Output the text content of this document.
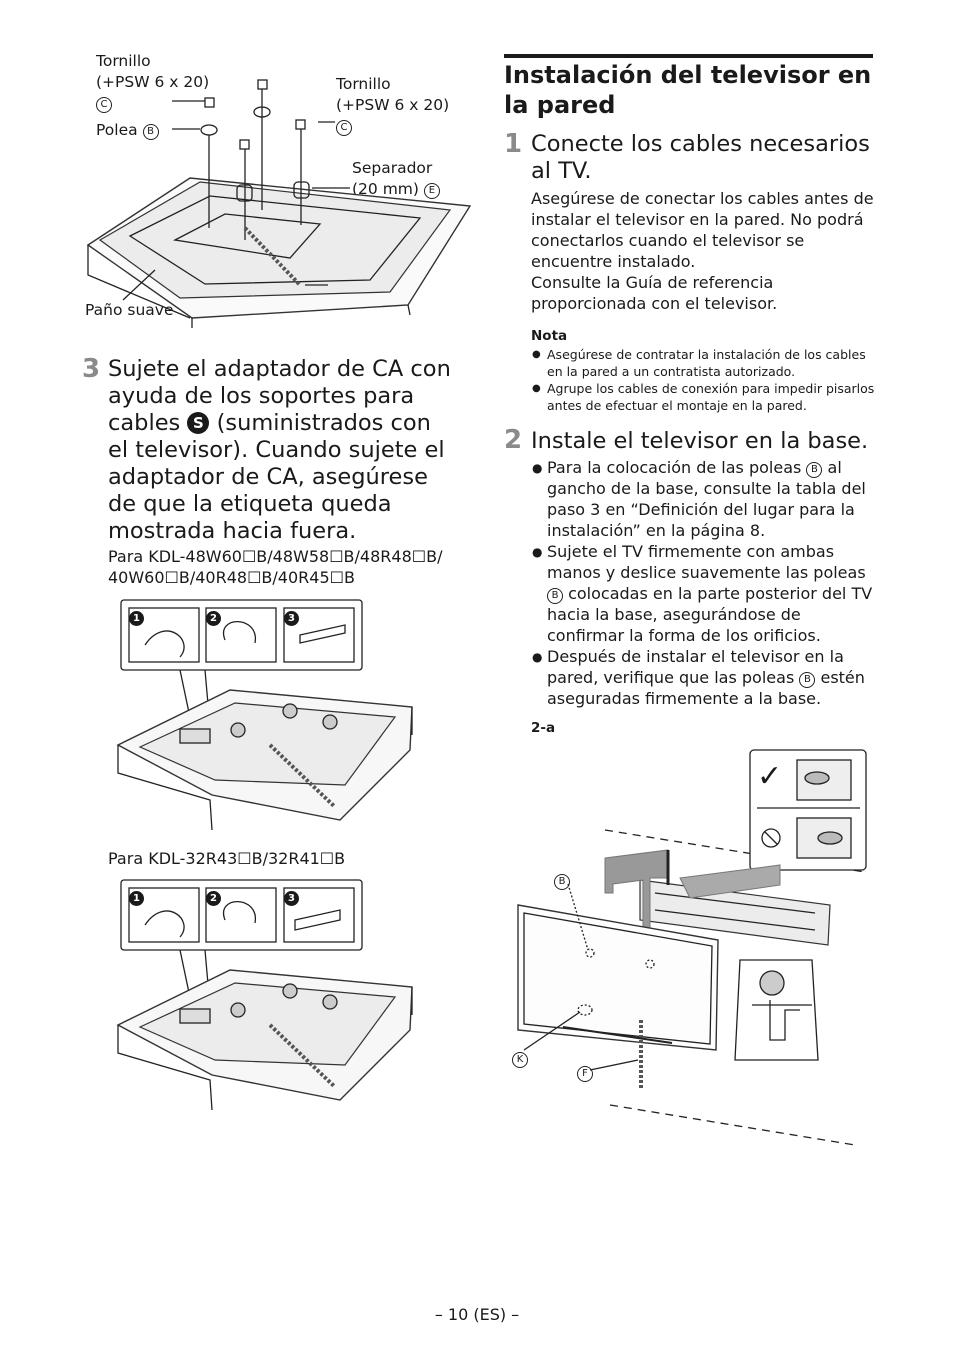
Tornillo
(+PSW 6 x 20)
C
Polea B
Tornillo
(+PSW 6 x 20)
C
Separador
(20 mm) E
Paño suave
3 Sujete el adaptador de CA con ayuda de los soportes para cables S (suministrados con el televisor). Cuando sujete el adaptador de CA, asegúrese de que la etiqueta queda mostrada hacia fuera.
Para KDL-48W60☐B/48W58☐B/48R48☐B/
40W60☐B/40R48☐B/40R45☐B
1	2	3
Para KDL-32R43☐B/32R41☐B
1	2	3
Instalación del televisor en la pared
1 Conecte los cables necesarios al TV.
Asegúrese de conectar los cables antes de instalar el televisor en la pared. No podrá conectarlos cuando el televisor se encuentre instalado.
Consulte la Guía de referencia proporcionada con el televisor.
Nota
● Asegúrese de contratar la instalación de los cables en la pared a un contratista autorizado.
● Agrupe los cables de conexión para impedir pisarlos antes de efectuar el montaje en la pared.
2 Instale el televisor en la base.
● Para la colocación de las poleas B al gancho de la base, consulte la tabla del paso 3 en “Definición del lugar para la instalación” en la página 8.
● Sujete el TV firmemente con ambas manos y deslice suavemente las poleas B colocadas en la parte posterior del TV hacia la base, asegurándose de confirmar la forma de los orificios.
● Después de instalar el televisor en la pared, verifique que las poleas B estén aseguradas firmemente a la base.
2-a
✓
B
K
F
– 10 (ES) –
